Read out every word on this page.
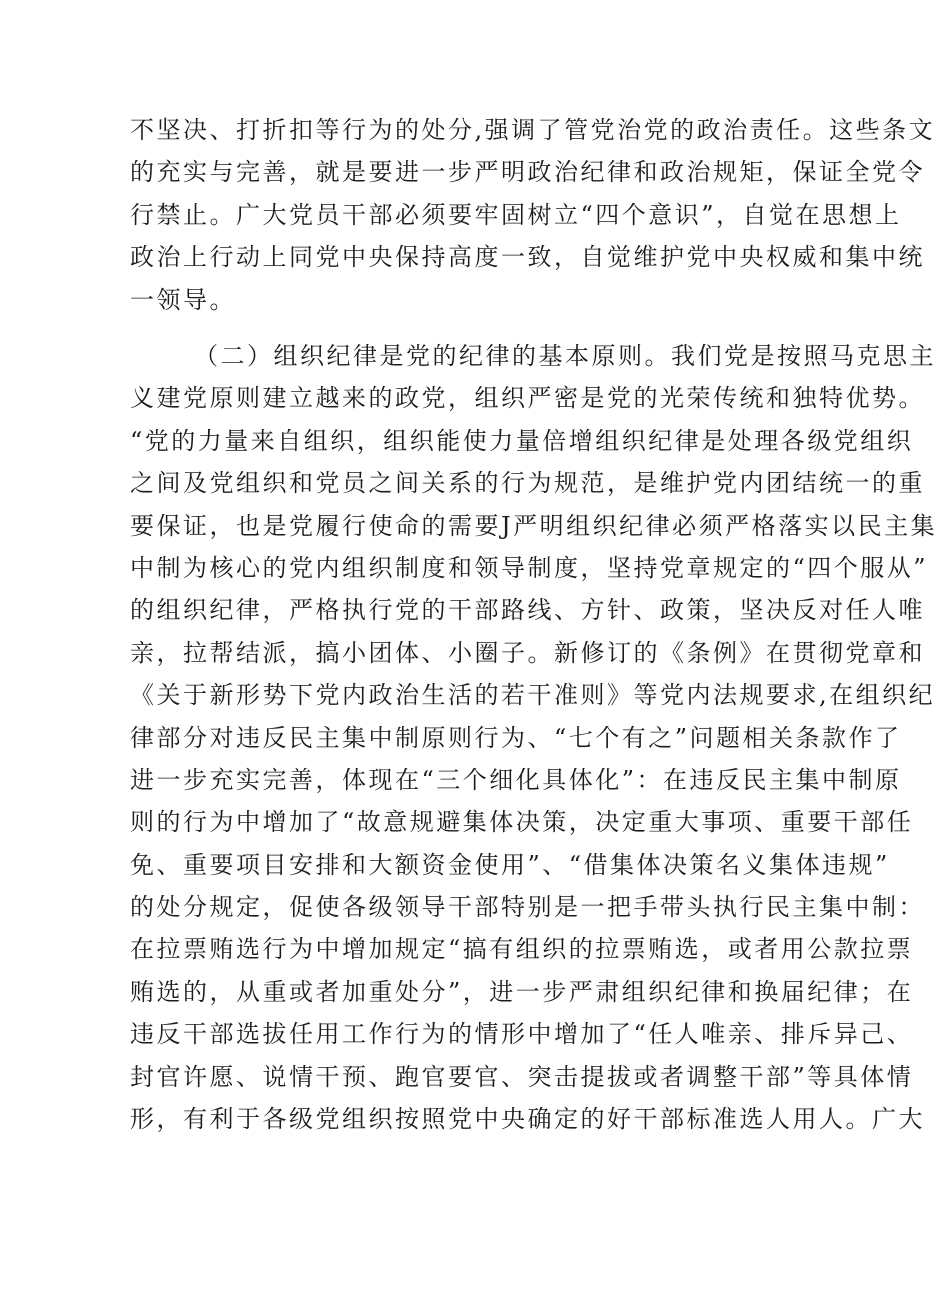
不坚决、打折扣等行为的处分,强调了管党治党的政治责任。这些条文
的充实与完善，就是要进一步严明政治纪律和政治规矩，保证全党令
行禁止。广大党员干部必须要牢固树立“四个意识”，自觉在思想上
政治上行动上同党中央保持高度一致，自觉维护党中央权威和集中统
一领导。
（二）组织纪律是党的纪律的基本原则。我们党是按照马克思主
义建党原则建立越来的政党，组织严密是党的光荣传统和独特优势。
“党的力量来自组织，组织能使力量倍增组织纪律是处理各级党组织
之间及党组织和党员之间关系的行为规范，是维护党内团结统一的重
要保证，也是党履行使命的需要J严明组织纪律必须严格落实以民主集
中制为核心的党内组织制度和领导制度，坚持党章规定的“四个服从”
的组织纪律，严格执行党的干部路线、方针、政策，坚决反对任人唯
亲，拉帮结派，搞小团体、小圈子。新修订的《条例》在贯彻党章和
《关于新形势下党内政治生活的若干准则》等党内法规要求,在组织纪
律部分对违反民主集中制原则行为、“七个有之”问题相关条款作了
进一步充实完善，体现在“三个细化具体化”：在违反民主集中制原
则的行为中增加了“故意规避集体决策，决定重大事项、重要干部任
免、重要项目安排和大额资金使用”、“借集体决策名义集体违规”
的处分规定，促使各级领导干部特别是一把手带头执行民主集中制：
在拉票贿选行为中增加规定“搞有组织的拉票贿选，或者用公款拉票
贿选的，从重或者加重处分”，进一步严肃组织纪律和换届纪律；在
违反干部选拔任用工作行为的情形中增加了“任人唯亲、排斥异己、
封官许愿、说情干预、跑官要官、突击提拔或者调整干部”等具体情
形，有利于各级党组织按照党中央确定的好干部标准选人用人。广大
